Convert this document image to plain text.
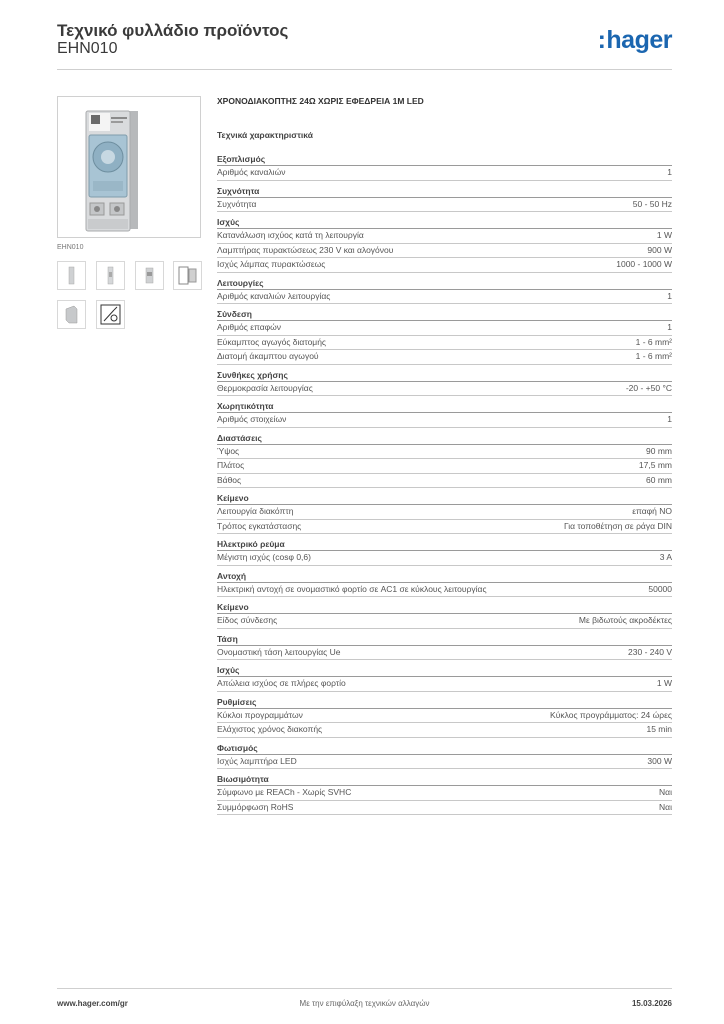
Τεχνικό φυλλάδιο προϊόντος
EHN010	:hager
EHN010
ΧΡΟΝΟΔΙΑΚΟΠΤΗΣ 24Ω ΧΩΡΙΣ ΕΦΕΔΡΕΙΑ 1Μ LED
Τεχνικά χαρακτηριστικά
Εξοπλισμός
Αριθμός καναλιών	1
Συχνότητα
Συχνότητα	50 - 50 Hz
Ισχύς
Κατανάλωση ισχύος κατά τη λειτουργία	1 W
Λαμπτήρας πυρακτώσεως 230 V και αλογόνου	900 W
Ισχύς λάμπας πυρακτώσεως	1000 - 1000 W
Λειτουργίες
Αριθμός καναλιών λειτουργίας	1
Σύνδεση
Αριθμός επαφών	1
Εύκαμπτος αγωγός διατομής	1 - 6 mm²
Διατομή άκαμπτου αγωγού	1 - 6 mm²
Συνθήκες χρήσης
Θερμοκρασία λειτουργίας	-20 - +50 °C
Χωρητικότητα
Αριθμός στοιχείων	1
Διαστάσεις
Ύψος	90 mm
Πλάτος	17,5 mm
Βάθος	60 mm
Κείμενο
Λειτουργία διακόπτη	επαφή NO
Τρόπος εγκατάστασης	Για τοποθέτηση σε ράγα DIN
Ηλεκτρικό ρεύμα
Μέγιστη ισχύς (cosφ 0,6)	3 A
Αντοχή
Ηλεκτρική αντοχή σε ονομαστικό φορτίο σε AC1 σε κύκλους λειτουργίας	50000
Κείμενο
Είδος σύνδεσης	Με βιδωτούς ακροδέκτες
Τάση
Ονομαστική τάση λειτουργίας Ue	230 - 240 V
Ισχύς
Απώλεια ισχύος σε πλήρες φορτίο	1 W
Ρυθμίσεις
Κύκλοι προγραμμάτων	Κύκλος προγράμματος: 24 ώρες
Ελάχιστος χρόνος διακοπής	15 min
Φωτισμός
Ισχύς λαμπτήρα LED	300 W
Βιωσιμότητα
Σύμφωνο με REACh - Χωρίς SVHC	Ναι
Συμμόρφωση RoHS	Ναι
www.hager.com/gr	Με την επιφύλαξη τεχνικών αλλαγών	15.03.2026
